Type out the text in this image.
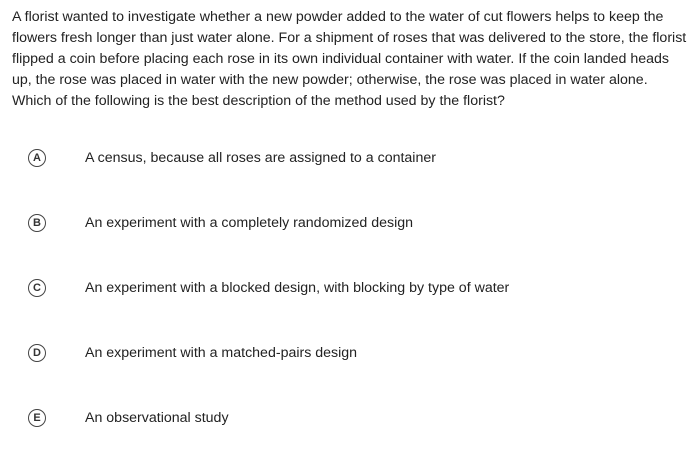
A florist wanted to investigate whether a new powder added to the water of cut flowers helps to keep the flowers fresh longer than just water alone. For a shipment of roses that was delivered to the store, the florist flipped a coin before placing each rose in its own individual container with water. If the coin landed heads up, the rose was placed in water with the new powder; otherwise, the rose was placed in water alone. Which of the following is the best description of the method used by the florist?
A	A census, because all roses are assigned to a container
B	An experiment with a completely randomized design
C	An experiment with a blocked design, with blocking by type of water
D	An experiment with a matched-pairs design
E	An observational study
